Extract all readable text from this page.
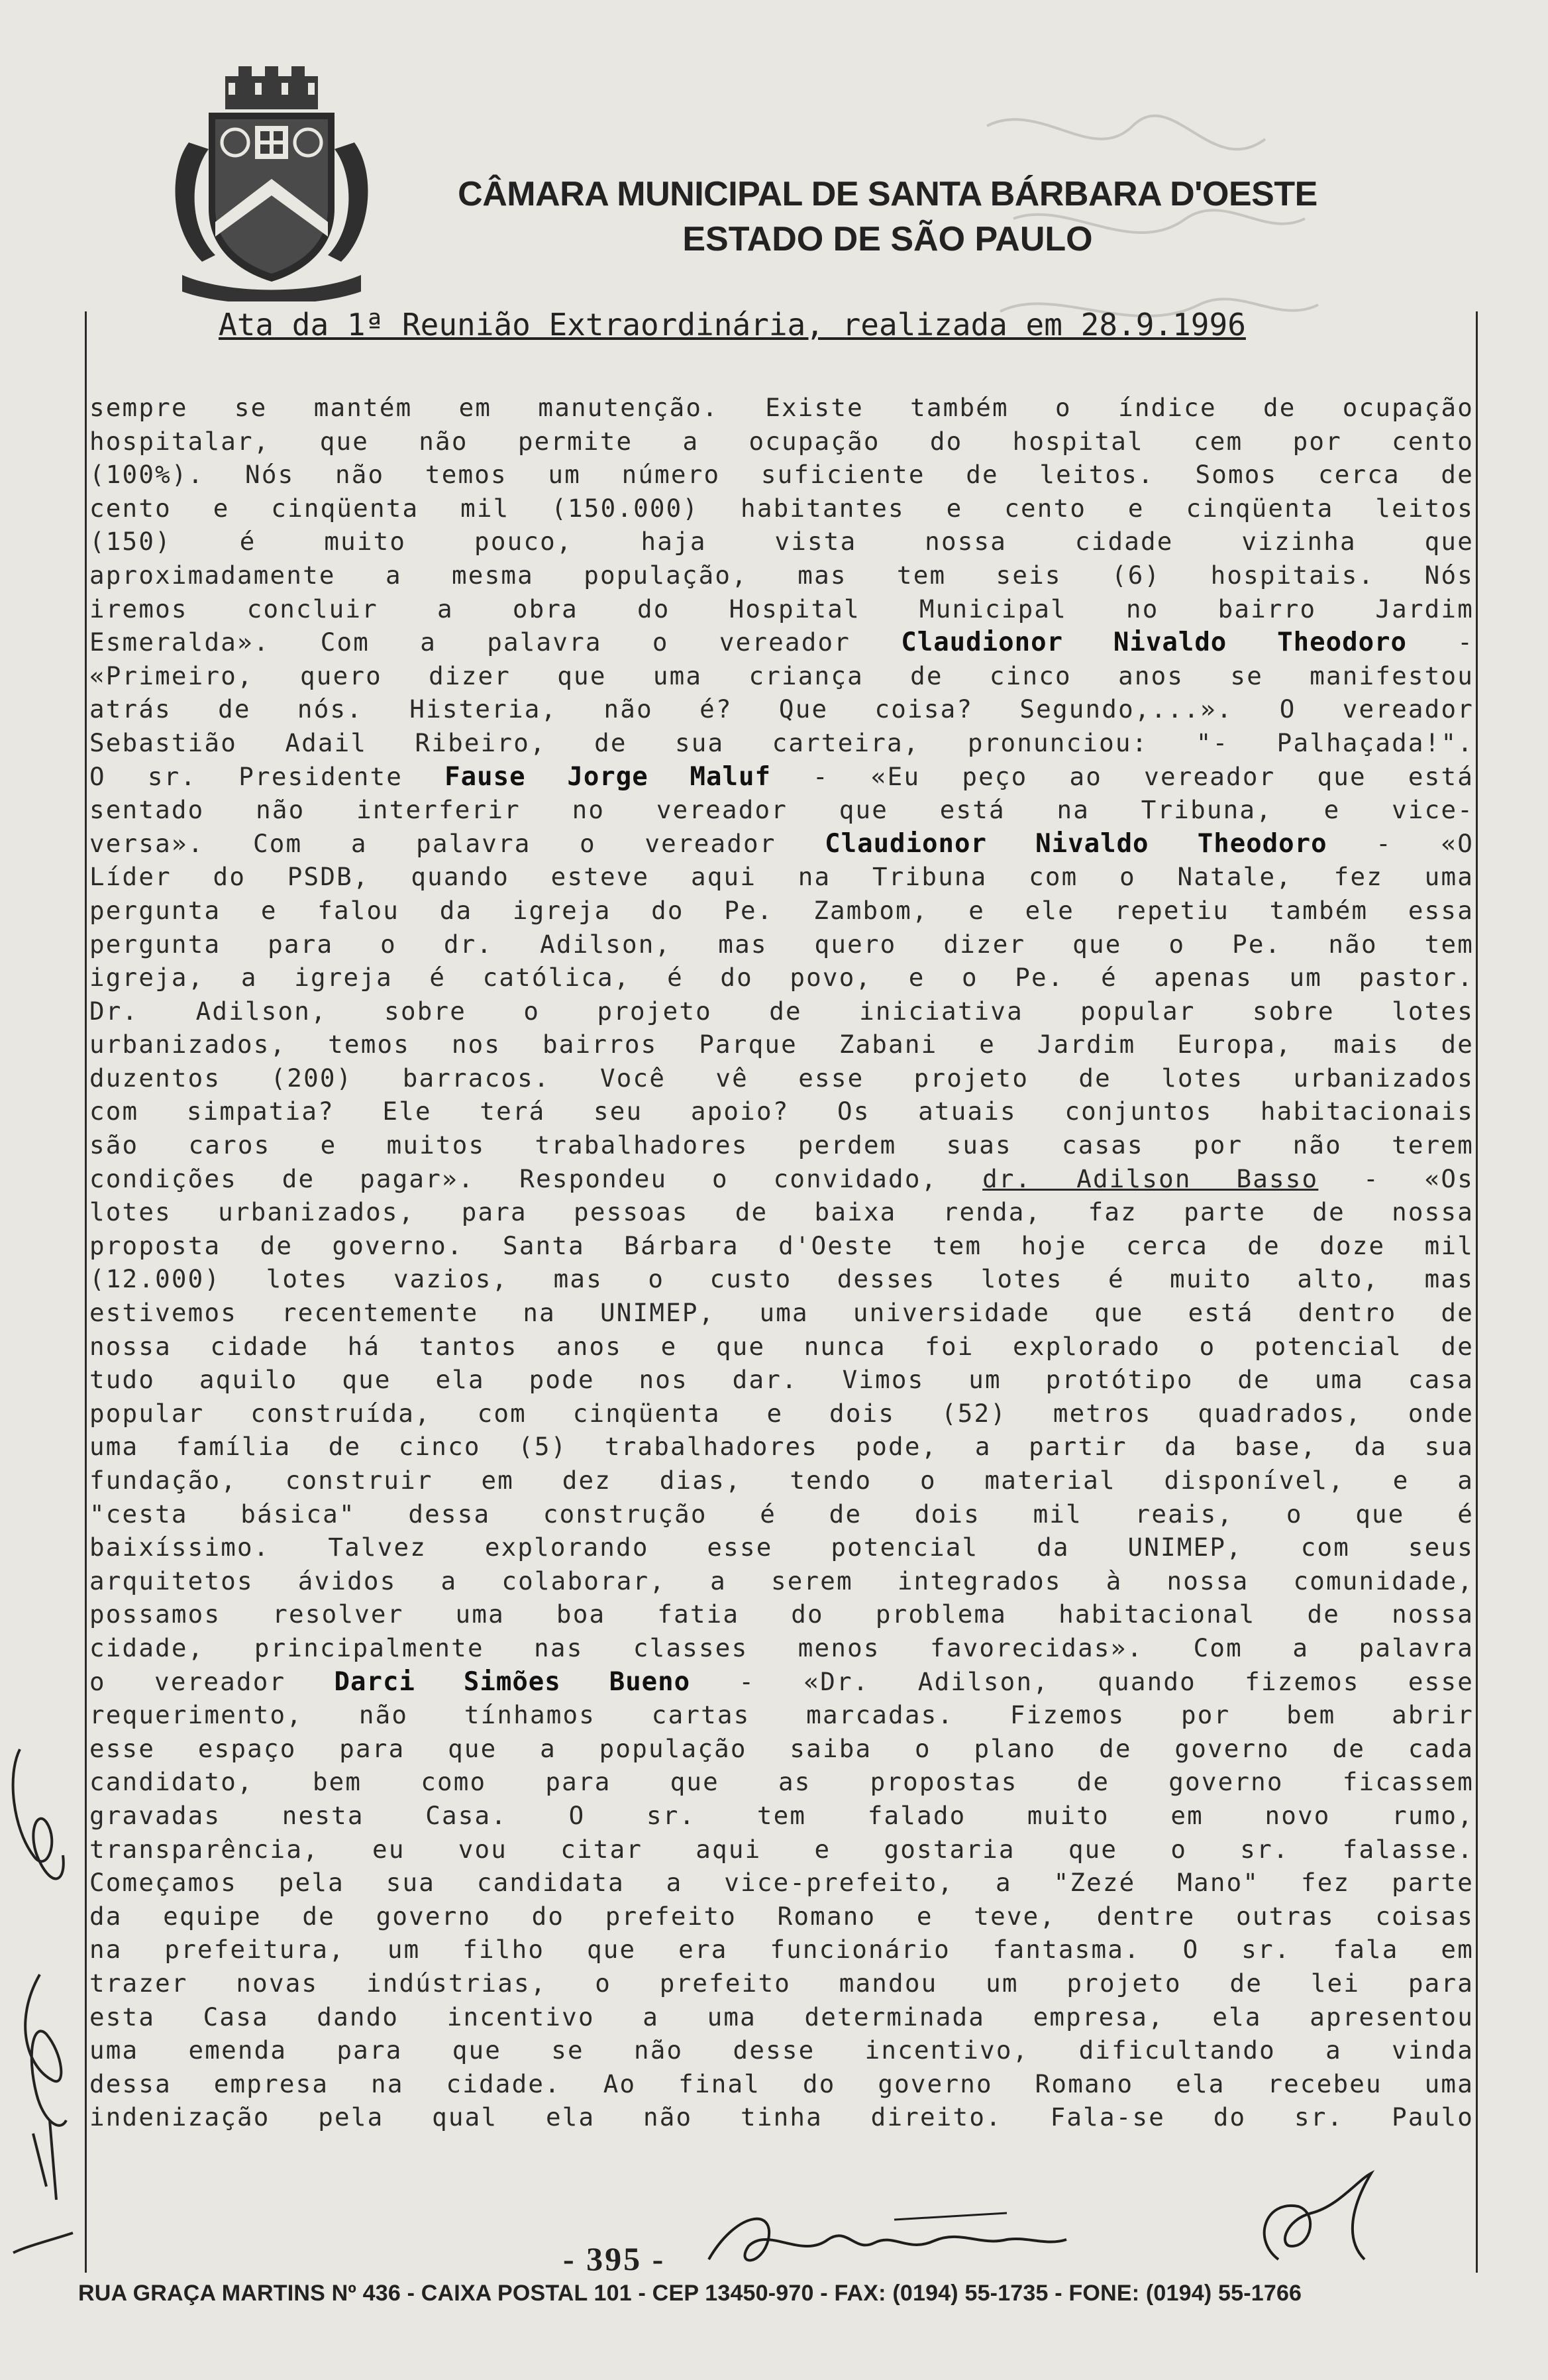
CÂMARA MUNICIPAL DE SANTA BÁRBARA D'OESTE
ESTADO DE SÃO PAULO
Ata da 1ª Reunião Extraordinária, realizada em 28.9.1996
sempre se mantém em manutenção. Existe também o índice de ocupação
hospitalar, que não permite a ocupação do hospital cem por cento
(100%). Nós não temos um número suficiente de leitos. Somos cerca de
cento e cinqüenta mil (150.000) habitantes e cento e cinqüenta leitos
(150) é muito pouco, haja vista nossa cidade vizinha que
aproximadamente a mesma população, mas tem seis (6) hospitais. Nós
iremos concluir a obra do Hospital Municipal no bairro Jardim
Esmeralda». Com a palavra o vereador Claudionor Nivaldo Theodoro -
«Primeiro, quero dizer que uma criança de cinco anos se manifestou
atrás de nós. Histeria, não é? Que coisa? Segundo,...». O vereador
Sebastião Adail Ribeiro, de sua carteira, pronunciou: "- Palhaçada!".
O sr. Presidente Fause Jorge Maluf - «Eu peço ao vereador que está
sentado não interferir no vereador que está na Tribuna, e vice-
versa». Com a palavra o vereador Claudionor Nivaldo Theodoro - «O
Líder do PSDB, quando esteve aqui na Tribuna com o Natale, fez uma
pergunta e falou da igreja do Pe. Zambom, e ele repetiu também essa
pergunta para o dr. Adilson, mas quero dizer que o Pe. não tem
igreja, a igreja é católica, é do povo, e o Pe. é apenas um pastor.
Dr. Adilson, sobre o projeto de iniciativa popular sobre lotes
urbanizados, temos nos bairros Parque Zabani e Jardim Europa, mais de
duzentos (200) barracos. Você vê esse projeto de lotes urbanizados
com simpatia? Ele terá seu apoio? Os atuais conjuntos habitacionais
são caros e muitos trabalhadores perdem suas casas por não terem
condições de pagar». Respondeu o convidado, dr. Adilson Basso - «Os
lotes urbanizados, para pessoas de baixa renda, faz parte de nossa
proposta de governo. Santa Bárbara d'Oeste tem hoje cerca de doze mil
(12.000) lotes vazios, mas o custo desses lotes é muito alto, mas
estivemos recentemente na UNIMEP, uma universidade que está dentro de
nossa cidade há tantos anos e que nunca foi explorado o potencial de
tudo aquilo que ela pode nos dar. Vimos um protótipo de uma casa
popular construída, com cinqüenta e dois (52) metros quadrados, onde
uma família de cinco (5) trabalhadores pode, a partir da base, da sua
fundação, construir em dez dias, tendo o material disponível, e a
"cesta básica" dessa construção é de dois mil reais, o que é
baixíssimo. Talvez explorando esse potencial da UNIMEP, com seus
arquitetos ávidos a colaborar, a serem integrados à nossa comunidade,
possamos resolver uma boa fatia do problema habitacional de nossa
cidade, principalmente nas classes menos favorecidas». Com a palavra
o vereador Darci Simões Bueno - «Dr. Adilson, quando fizemos esse
requerimento, não tínhamos cartas marcadas. Fizemos por bem abrir
esse espaço para que a população saiba o plano de governo de cada
candidato, bem como para que as propostas de governo ficassem
gravadas nesta Casa. O sr. tem falado muito em novo rumo,
transparência, eu vou citar aqui e gostaria que o sr. falasse.
Começamos pela sua candidata a vice-prefeito, a "Zezé Mano" fez parte
da equipe de governo do prefeito Romano e teve, dentre outras coisas
na prefeitura, um filho que era funcionário fantasma. O sr. fala em
trazer novas indústrias, o prefeito mandou um projeto de lei para
esta Casa dando incentivo a uma determinada empresa, ela apresentou
uma emenda para que se não desse incentivo, dificultando a vinda
dessa empresa na cidade. Ao final do governo Romano ela recebeu uma
indenização pela qual ela não tinha direito. Fala-se do sr. Paulo
- 395 -
RUA GRAÇA MARTINS Nº 436 - CAIXA POSTAL 101 - CEP 13450-970 - FAX: (0194) 55-1735 - FONE: (0194) 55-1766
